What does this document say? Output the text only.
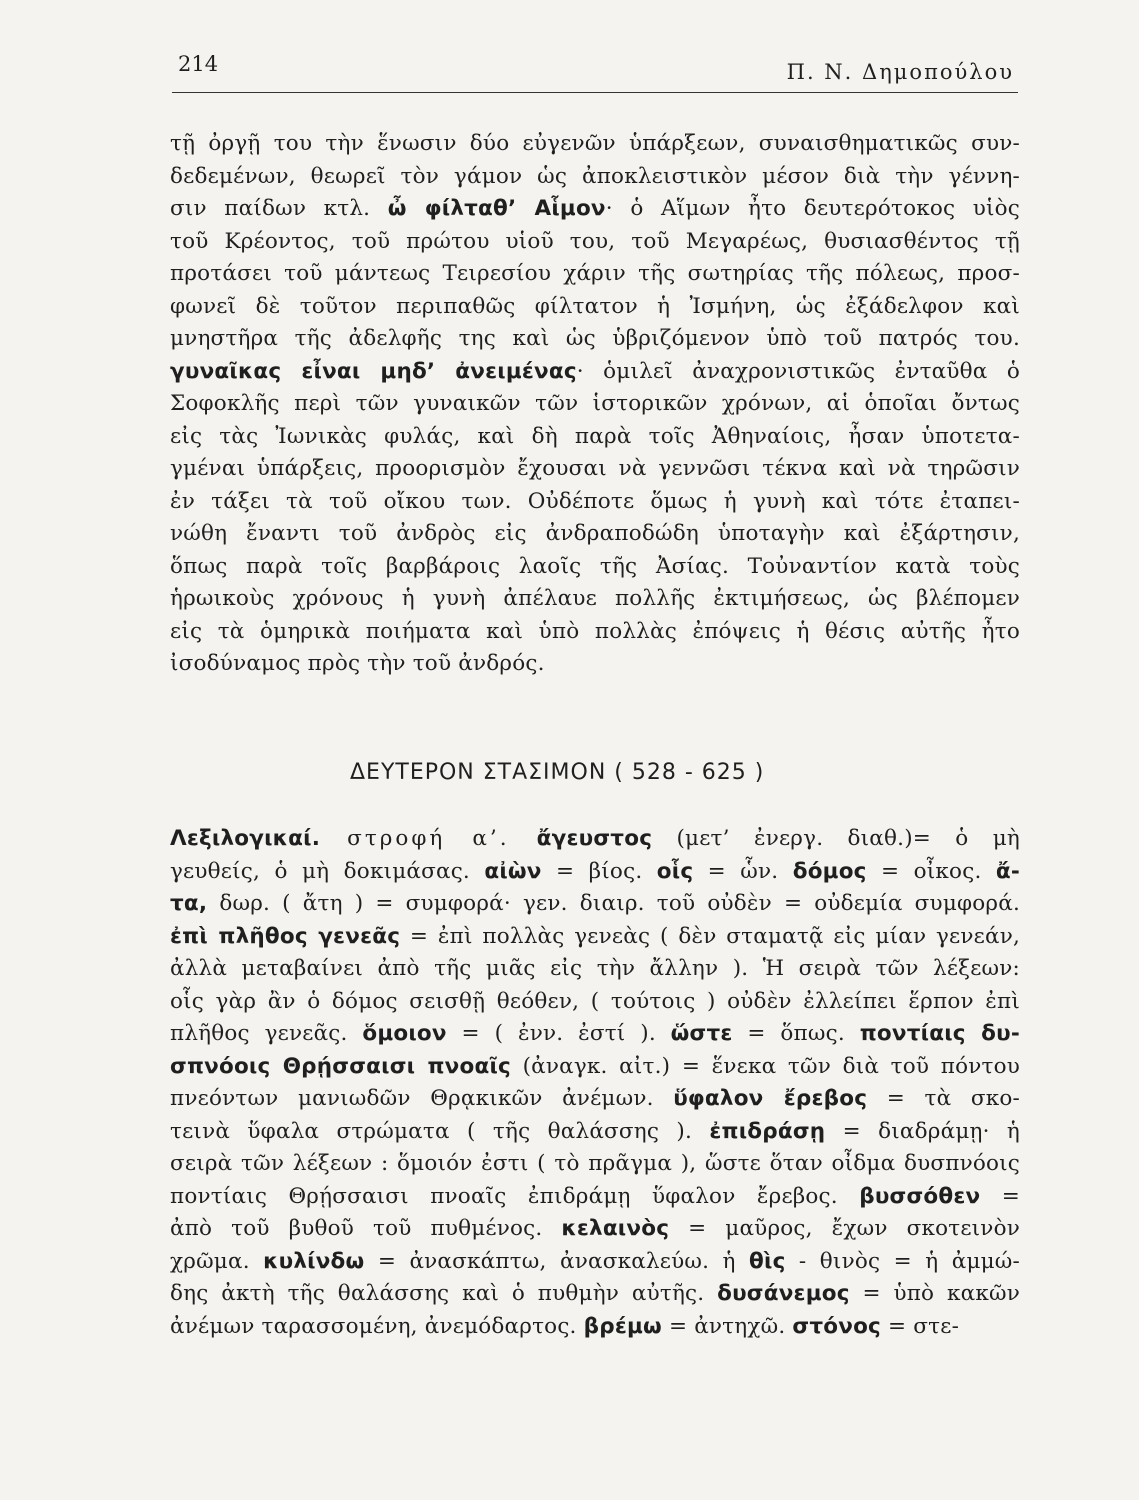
214	Π. Ν. Δημοπούλου
τῇ ὀργῇ του τὴν ἕνωσιν δύο εὐγενῶν ὑπάρξεων, συναισθηματικῶς συν-
δεδεμένων, θεωρεῖ τὸν γάμον ὡς ἀποκλειστικὸν μέσον διὰ τὴν γέννη-
σιν παίδων κτλ. ὦ φίλταθ’ Αἷμον· ὁ Αἵμων ἦτο δευτερότοκος υἱὸς
τοῦ Κρέοντος, τοῦ πρώτου υἱοῦ του, τοῦ Μεγαρέως, θυσιασθέντος τῇ
προτάσει τοῦ μάντεως Τειρεσίου χάριν τῆς σωτηρίας τῆς πόλεως, προσ-
φωνεῖ δὲ τοῦτον περιπαθῶς φίλτατον ἡ Ἰσμήνη, ὡς ἐξάδελφον καὶ
μνηστῆρα τῆς ἀδελφῆς της καὶ ὡς ὑβριζόμενον ὑπὸ τοῦ πατρός του.
γυναῖκας εἶναι μηδ’ ἀνειμένας· ὁμιλεῖ ἀναχρονιστικῶς ἐνταῦθα ὁ
Σοφοκλῆς περὶ τῶν γυναικῶν τῶν ἱστορικῶν χρόνων, αἱ ὁποῖαι ὄντως
εἰς τὰς Ἰωνικὰς φυλάς, καὶ δὴ παρὰ τοῖς Ἀθηναίοις, ἦσαν ὑποτετα-
γμέναι ὑπάρξεις, προορισμὸν ἔχουσαι νὰ γεννῶσι τέκνα καὶ νὰ τηρῶσιν
ἐν τάξει τὰ τοῦ οἴκου των. Οὐδέποτε ὅμως ἡ γυνὴ καὶ τότε ἐταπει-
νώθη ἔναντι τοῦ ἀνδρὸς εἰς ἀνδραποδώδη ὑποταγὴν καὶ ἐξάρτησιν,
ὅπως παρὰ τοῖς βαρβάροις λαοῖς τῆς Ἀσίας. Τοὐναντίον κατὰ τοὺς
ἡρωικοὺς χρόνους ἡ γυνὴ ἀπέλαυε πολλῆς ἐκτιμήσεως, ὡς βλέπομεν
εἰς τὰ ὁμηρικὰ ποιήματα καὶ ὑπὸ πολλὰς ἐπόψεις ἡ θέσις αὐτῆς ἦτο
ἰσοδύναμος πρὸς τὴν τοῦ ἀνδρός.
ΔΕΥΤΕΡΟΝ ΣΤΑΣΙΜΟΝ ( 528 - 625 )
Λεξιλογικαί. στροφή α’. ἄγευστος (μετ’ ἐνεργ. διαθ.)= ὁ μὴ
γευθείς, ὁ μὴ δοκιμάσας. αἰὼν = βίος. οἷς = ὧν. δόμος = οἶκος. ἄ-
τα, δωρ. ( ἄτη ) = συμφορά· γεν. διαιρ. τοῦ οὐδὲν = οὐδεμία συμφορά.
ἐπὶ πλῆθος γενεᾶς = ἐπὶ πολλὰς γενεὰς ( δὲν σταματᾷ εἰς μίαν γενεάν,
ἀλλὰ μεταβαίνει ἀπὸ τῆς μιᾶς εἰς τὴν ἄλλην ). Ἡ σειρὰ τῶν λέξεων:
οἷς γὰρ ἂν ὁ δόμος σεισθῇ θεόθεν, ( τούτοις ) οὐδὲν ἐλλείπει ἕρπον ἐπὶ
πλῆθος γενεᾶς. ὅμοιον = ( ἐνν. ἐστί ). ὥστε = ὅπως. ποντίαις δυ-
σπνόοις Θρῄσσαισι πνοαῖς (ἀναγκ. αἰτ.) = ἕνεκα τῶν διὰ τοῦ πόντου
πνεόντων μανιωδῶν Θρᾳκικῶν ἀνέμων. ὕφαλον ἔρεβος = τὰ σκο-
τεινὰ ὕφαλα στρώματα ( τῆς θαλάσσης ). ἐπιδράσῃ = διαδράμῃ· ἡ
σειρὰ τῶν λέξεων : ὅμοιόν ἐστι ( τὸ πρᾶγμα ), ὥστε ὅταν οἶδμα δυσπνόοις
ποντίαις Θρῄσσαισι πνοαῖς ἐπιδράμῃ ὕφαλον ἔρεβος. βυσσόθεν =
ἀπὸ τοῦ βυθοῦ τοῦ πυθμένος. κελαινὸς = μαῦρος, ἔχων σκοτεινὸν
χρῶμα. κυλίνδω = ἀνασκάπτω, ἀνασκαλεύω. ἡ θὶς - θινὸς = ἡ ἀμμώ-
δης ἀκτὴ τῆς θαλάσσης καὶ ὁ πυθμὴν αὐτῆς. δυσάνεμος = ὑπὸ κακῶν
ἀνέμων ταρασσομένη, ἀνεμόδαρτος. βρέμω = ἀντηχῶ. στόνος = στε-
